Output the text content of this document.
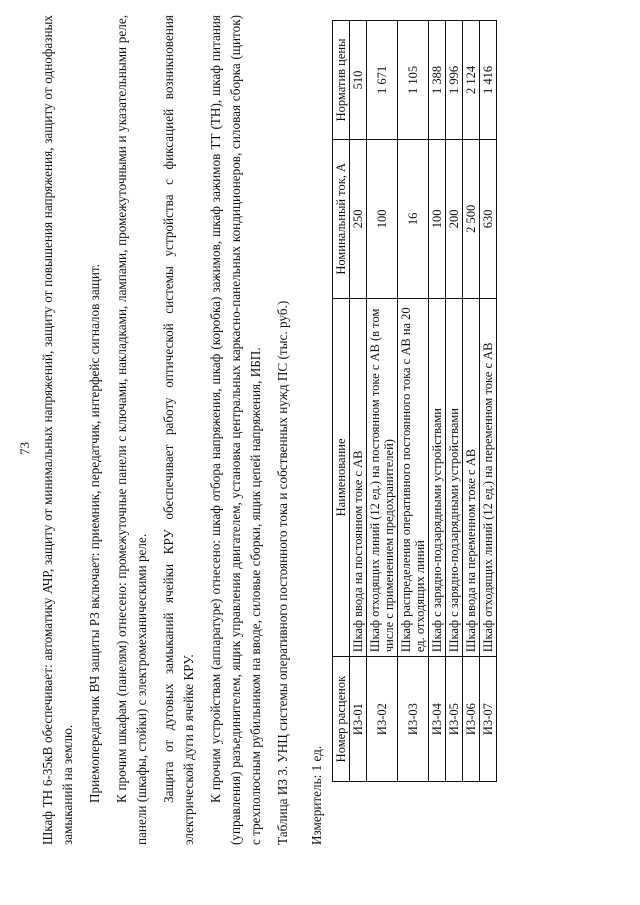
73 Шкаф ТН 6-35кВ обеспечивает: автоматику АЧР, защиту от минимальных напряжений, защиту от повышения напряжения, защиту от однофазных замыканий на землю. Приемопередатчик ВЧ защиты РЗ включает: приемник, передатчик, интерфейс сигналов защит. К прочим шкафам (панелям) отнесено: промежуточные панели с ключами, накладками, лампами, промежуточными и указательными реле, панели (шкафы, стойки) с электромеханическими реле. Защита от дуговых замыканий ячейки КРУ обеспечивает работу оптической системы устройства с фиксацией возникновения электрической дуги в ячейке КРУ. К прочим устройствам (аппаратуре) отнесено: шкаф отбора напряжения, шкаф (коробка) зажимов, шкаф зажимов ТТ (ТН), шкаф питания (управления) разъединителем, ящик управления двигателем, установка центральных каркасно-панельных кондиционеров, силовая сборка (щиток) с трехполюсным рубильником на вводе, силовые сборки, ящик цепей напряжения, ИБП. Таблица ИЗ 3. УНЦ системы оперативного постоянного тока и собственных нужд ПС (тыс. руб.) Измеритель: 1 ед.
Номер расценок	Наименование	Номинальный ток, А	Норматив цены
И3-01	Шкаф ввода на постоянном токе с АВ	250	510
И3-02	Шкаф отходящих линий (12 ед.) на постоянном токе с АВ (в том числе с применением предохранителей)	100	1 671
И3-03	Шкаф распределения оперативного постоянного тока с АВ на 20 ед. отходящих линий	16	1 105
И3-04	Шкаф с зарядно-подзарядными устройствами	100	1 388
И3-05	Шкаф с зарядно-подзарядными устройствами	200	1 996
И3-06	Шкаф ввода на переменном токе с АВ	2 500	2 124
И3-07	Шкаф отходящих линий (12 ед.) на переменном токе с АВ	630	1 416
